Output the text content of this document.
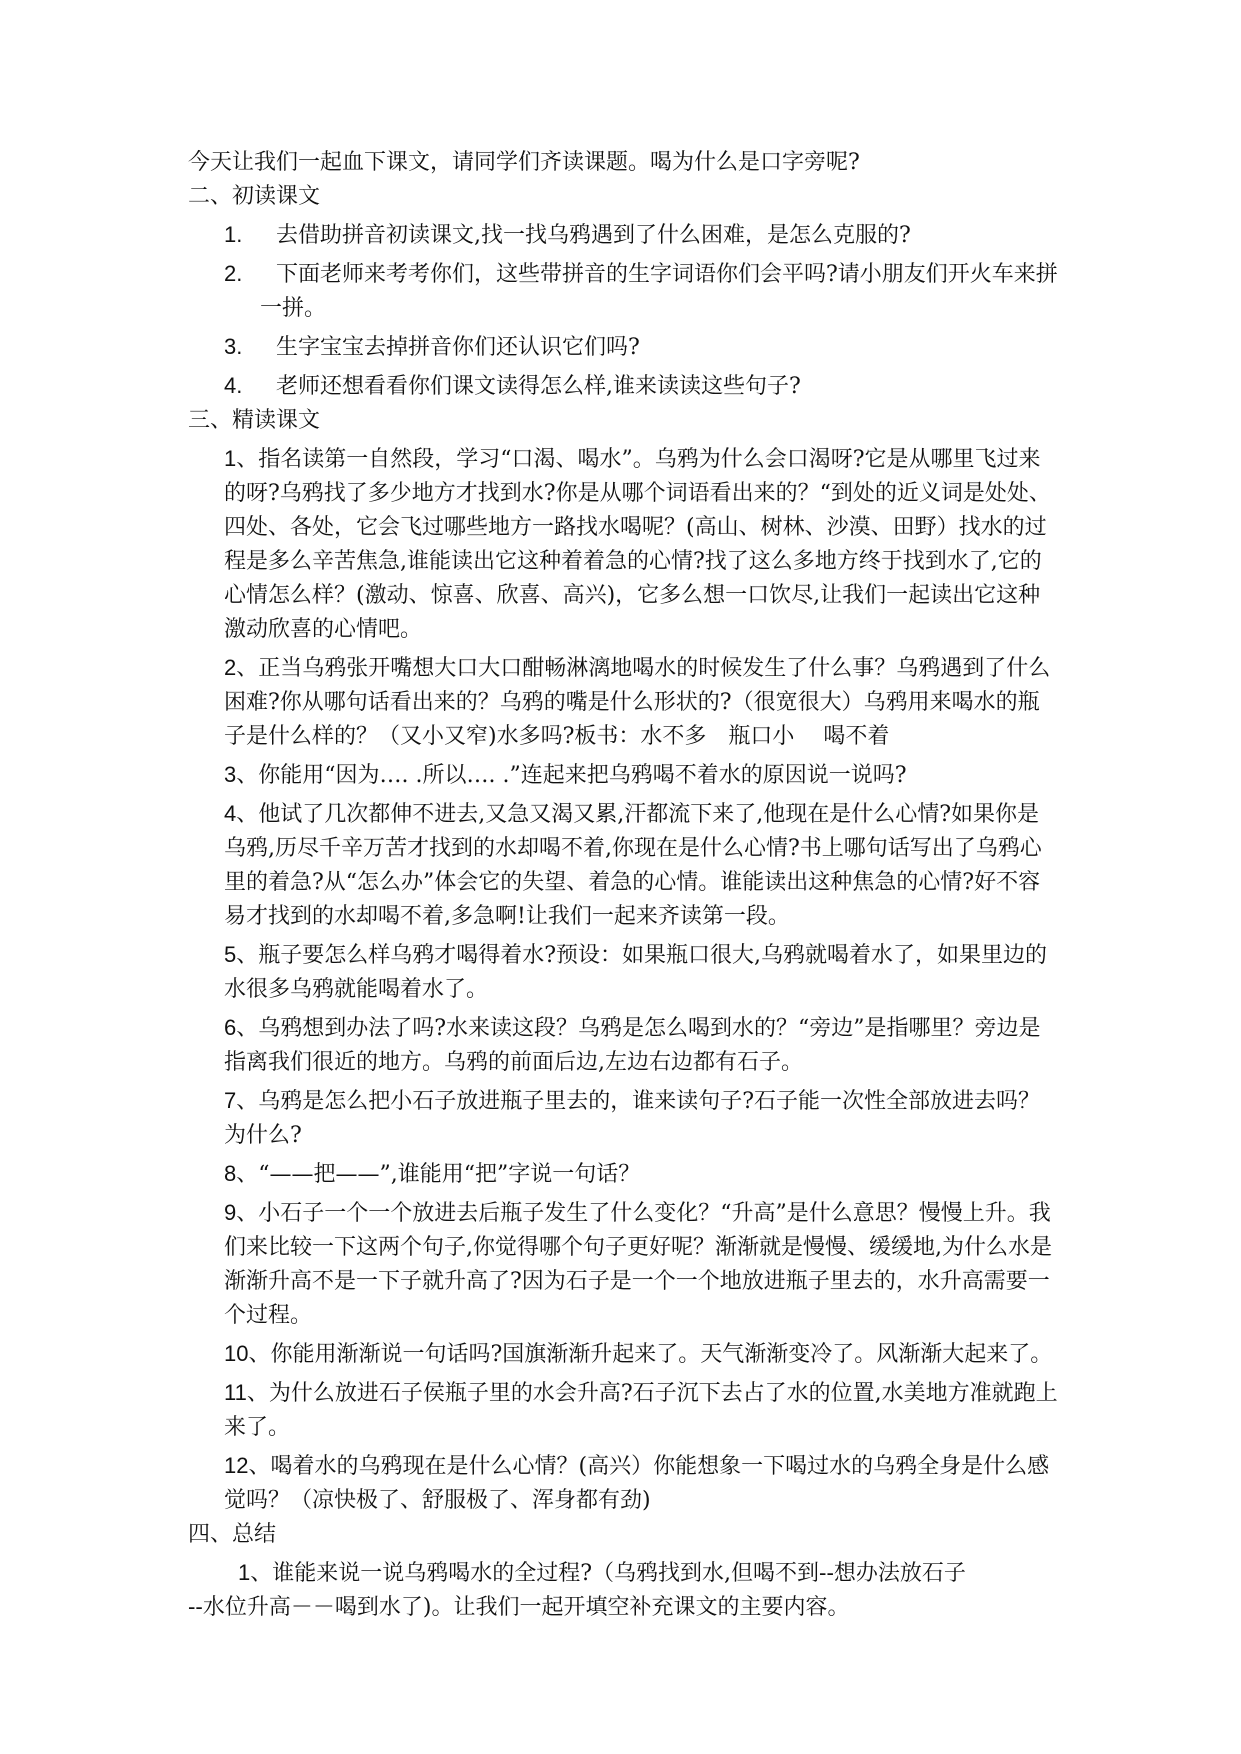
今天让我们一起血下课文，请同学们齐读课题。喝为什么是口字旁呢?

二、初读课文

1. 去借助拼音初读课文,找一找乌鸦遇到了什么困难，是怎么克服的?

2. 下面老师来考考你们，这些带拼音的生字词语你们会平吗?请小朋友们开火车来拼一拼。

3. 生字宝宝去掉拼音你们还认识它们吗?

4. 老师还想看看你们课文读得怎么样,谁来读读这些句子?

三、精读课文

1、指名读第一自然段，学习“口渴、喝水”。乌鸦为什么会口渴呀?它是从哪里飞过来的呀?乌鸦找了多少地方才找到水?你是从哪个词语看出来的？“到处的近义词是处处、四处、各处，它会飞过哪些地方一路找水喝呢？(高山、树林、沙漠、田野）找水的过程是多么辛苦焦急,谁能读出它这种着着急的心情?找了这么多地方终于找到水了,它的心情怎么样？(激动、惊喜、欣喜、高兴)，它多么想一口饮尽,让我们一起读出它这种激动欣喜的心情吧。

2、正当乌鸦张开嘴想大口大口酣畅淋漓地喝水的时候发生了什么事？乌鸦遇到了什么困难?你从哪句话看出来的？乌鸦的嘴是什么形状的?（很宽很大）乌鸦用来喝水的瓶子是什么样的？（又小又窄)水多吗?板书：水不多　瓶口小　 喝不着

3、你能用“因为…. .所以…. .”连起来把乌鸦喝不着水的原因说一说吗?

4、他试了几次都伸不进去,又急又渴又累,汗都流下来了,他现在是什么心情?如果你是乌鸦,历尽千辛万苦才找到的水却喝不着,你现在是什么心情?书上哪句话写出了乌鸦心里的着急?从“怎么办”体会它的失望、着急的心情。谁能读出这种焦急的心情?好不容易才找到的水却喝不着,多急啊!让我们一起来齐读第一段。

5、瓶子要怎么样乌鸦才喝得着水?预设：如果瓶口很大,乌鸦就喝着水了，如果里边的水很多乌鸦就能喝着水了。

6、乌鸦想到办法了吗?水来读这段？乌鸦是怎么喝到水的？“旁边”是指哪里？旁边是指离我们很近的地方。乌鸦的前面后边,左边右边都有石子。

7、乌鸦是怎么把小石子放进瓶子里去的，谁来读句子?石子能一次性全部放进去吗？为什么?

8、“——把——”,谁能用“把”字说一句话？

9、小石子一个一个放进去后瓶子发生了什么变化？“升高”是什么意思？慢慢上升。我们来比较一下这两个句子,你觉得哪个句子更好呢？渐渐就是慢慢、缓缓地,为什么水是渐渐升高不是一下子就升高了?因为石子是一个一个地放进瓶子里去的，水升高需要一个过程。

10、你能用渐渐说一句话吗?国旗渐渐升起来了。天气渐渐变冷了。风渐渐大起来了。

11、为什么放进石子侯瓶子里的水会升高?石子沉下去占了水的位置,水美地方准就跑上来了。

12、喝着水的乌鸦现在是什么心情？(高兴）你能想象一下喝过水的乌鸦全身是什么感觉吗？（凉快极了、舒服极了、浑身都有劲)

四、总结

1、谁能来说一说乌鸦喝水的全过程?（乌鸦找到水,但喝不到--想办法放石子

--水位升高－－喝到水了)。让我们一起开填空补充课文的主要内容。
